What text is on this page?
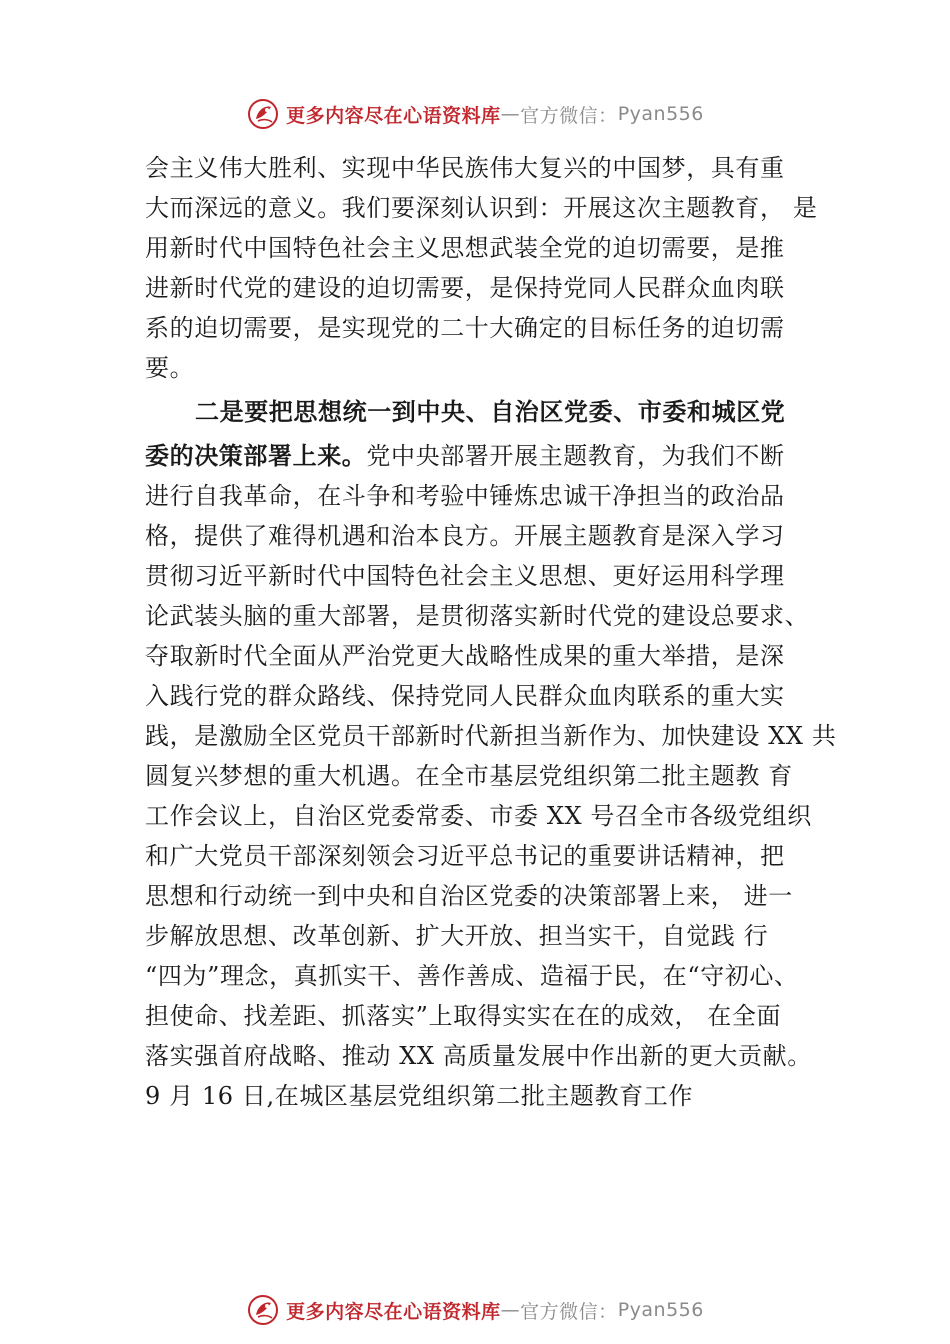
更多内容尽在心语资料库 — 官方微信： Pyan556
会主义伟大胜利、实现中华民族伟大复兴的中国梦，具有重
大而深远的意义。我们要深刻认识到：开展这次主题教育， 是
用新时代中国特色社会主义思想武装全党的迫切需要，是推
进新时代党的建设的迫切需要，是保持党同人民群众血肉联
系的迫切需要，是实现党的二十大确定的目标任务的迫切需
要。
二是要把思想统一到中央、自治区党委、市委和城区党
委的决策部署上来。党中央部署开展主题教育，为我们不断
进行自我革命，在斗争和考验中锤炼忠诚干净担当的政治品
格，提供了难得机遇和治本良方。开展主题教育是深入学习
贯彻习近平新时代中国特色社会主义思想、更好运用科学理
论武装头脑的重大部署，是贯彻落实新时代党的建设总要求、
夺取新时代全面从严治党更大战略性成果的重大举措，是深
入践行党的群众路线、保持党同人民群众血肉联系的重大实
践，是激励全区党员干部新时代新担当新作为、加快建设 XX 共
圆复兴梦想的重大机遇。在全市基层党组织第二批主题教 育
工作会议上，自治区党委常委、市委 XX 号召全市各级党组织
和广大党员干部深刻领会习近平总书记的重要讲话精神，把
思想和行动统一到中央和自治区党委的决策部署上来， 进一
步解放思想、改革创新、扩大开放、担当实干，自觉践 行
“四为”理念，真抓实干、善作善成、造福于民，在“守初心、
担使命、找差距、抓落实”上取得实实在在的成效， 在全面
落实强首府战略、推动 XX 高质量发展中作出新的更大贡献。
9 月 16 日,在城区基层党组织第二批主题教育工作
更多内容尽在心语资料库 — 官方微信： Pyan556
